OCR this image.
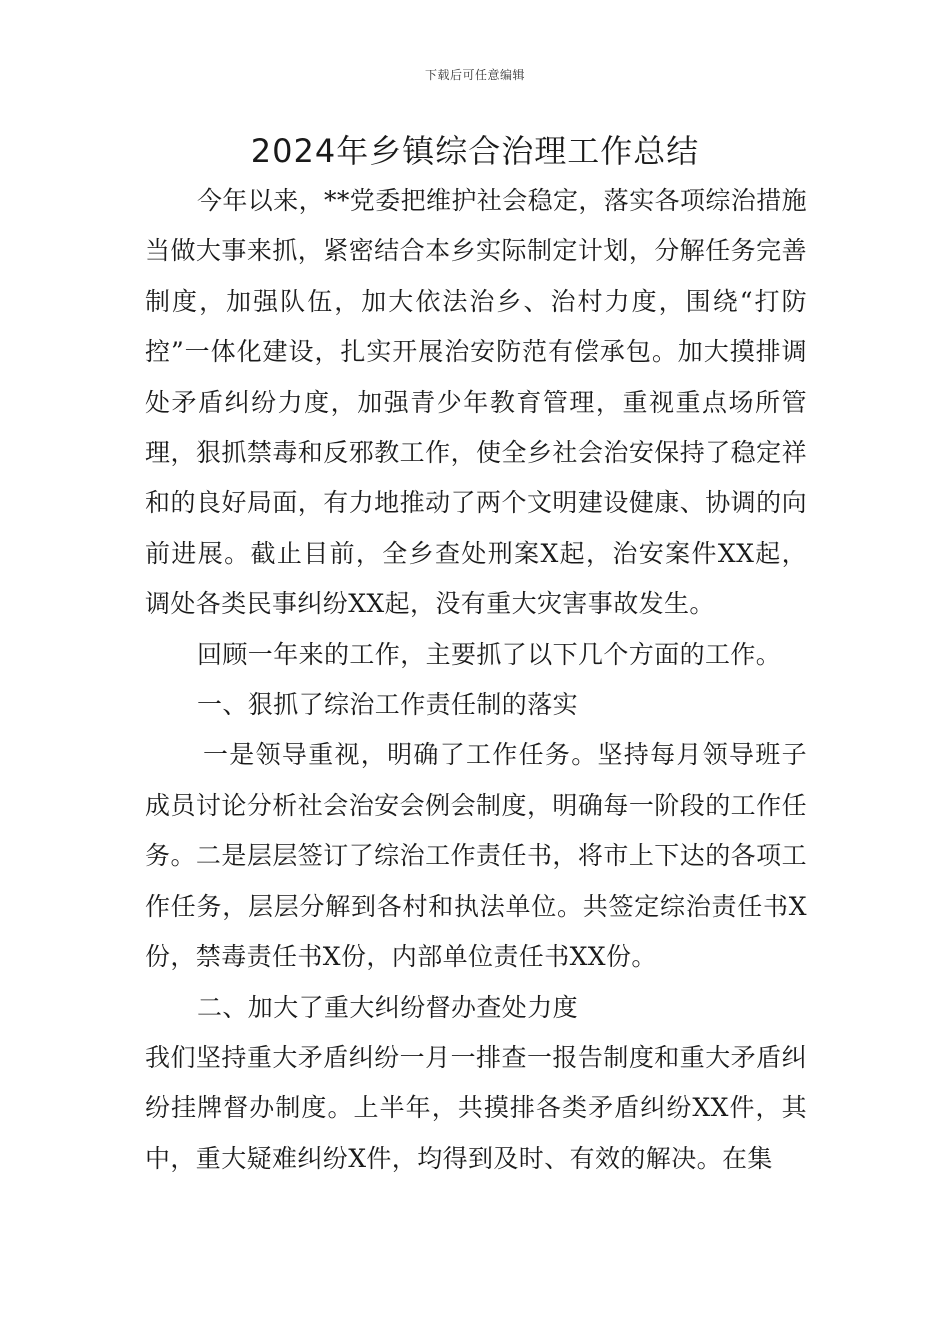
下载后可任意编辑
2024年乡镇综合治理工作总结

今年以来，**党委把维护社会稳定，落实各项综治措施当做大事来抓，紧密结合本乡实际制定计划，分解任务完善制度，加强队伍，加大依法治乡、治村力度，围绕“打防控”一体化建设，扎实开展治安防范有偿承包。加大摸排调处矛盾纠纷力度，加强青少年教育管理，重视重点场所管理，狠抓禁毒和反邪教工作，使全乡社会治安保持了稳定祥和的良好局面，有力地推动了两个文明建设健康、协调的向前进展。截止目前，全乡查处刑案X起，治安案件XX起，调处各类民事纠纷XX起，没有重大灾害事故发生。

回顾一年来的工作，主要抓了以下几个方面的工作。

一、狠抓了综治工作责任制的落实

一是领导重视，明确了工作任务。坚持每月领导班子成员讨论分析社会治安会例会制度，明确每一阶段的工作任务。二是层层签订了综治工作责任书，将市上下达的各项工作任务，层层分解到各村和执法单位。共签定综治责任书X份，禁毒责任书X份，内部单位责任书XX份。

二、加大了重大纠纷督办查处力度

我们坚持重大矛盾纠纷一月一排查一报告制度和重大矛盾纠纷挂牌督办制度。上半年，共摸排各类矛盾纠纷XX件，其中，重大疑难纠纷X件，均得到及时、有效的解决。在集
